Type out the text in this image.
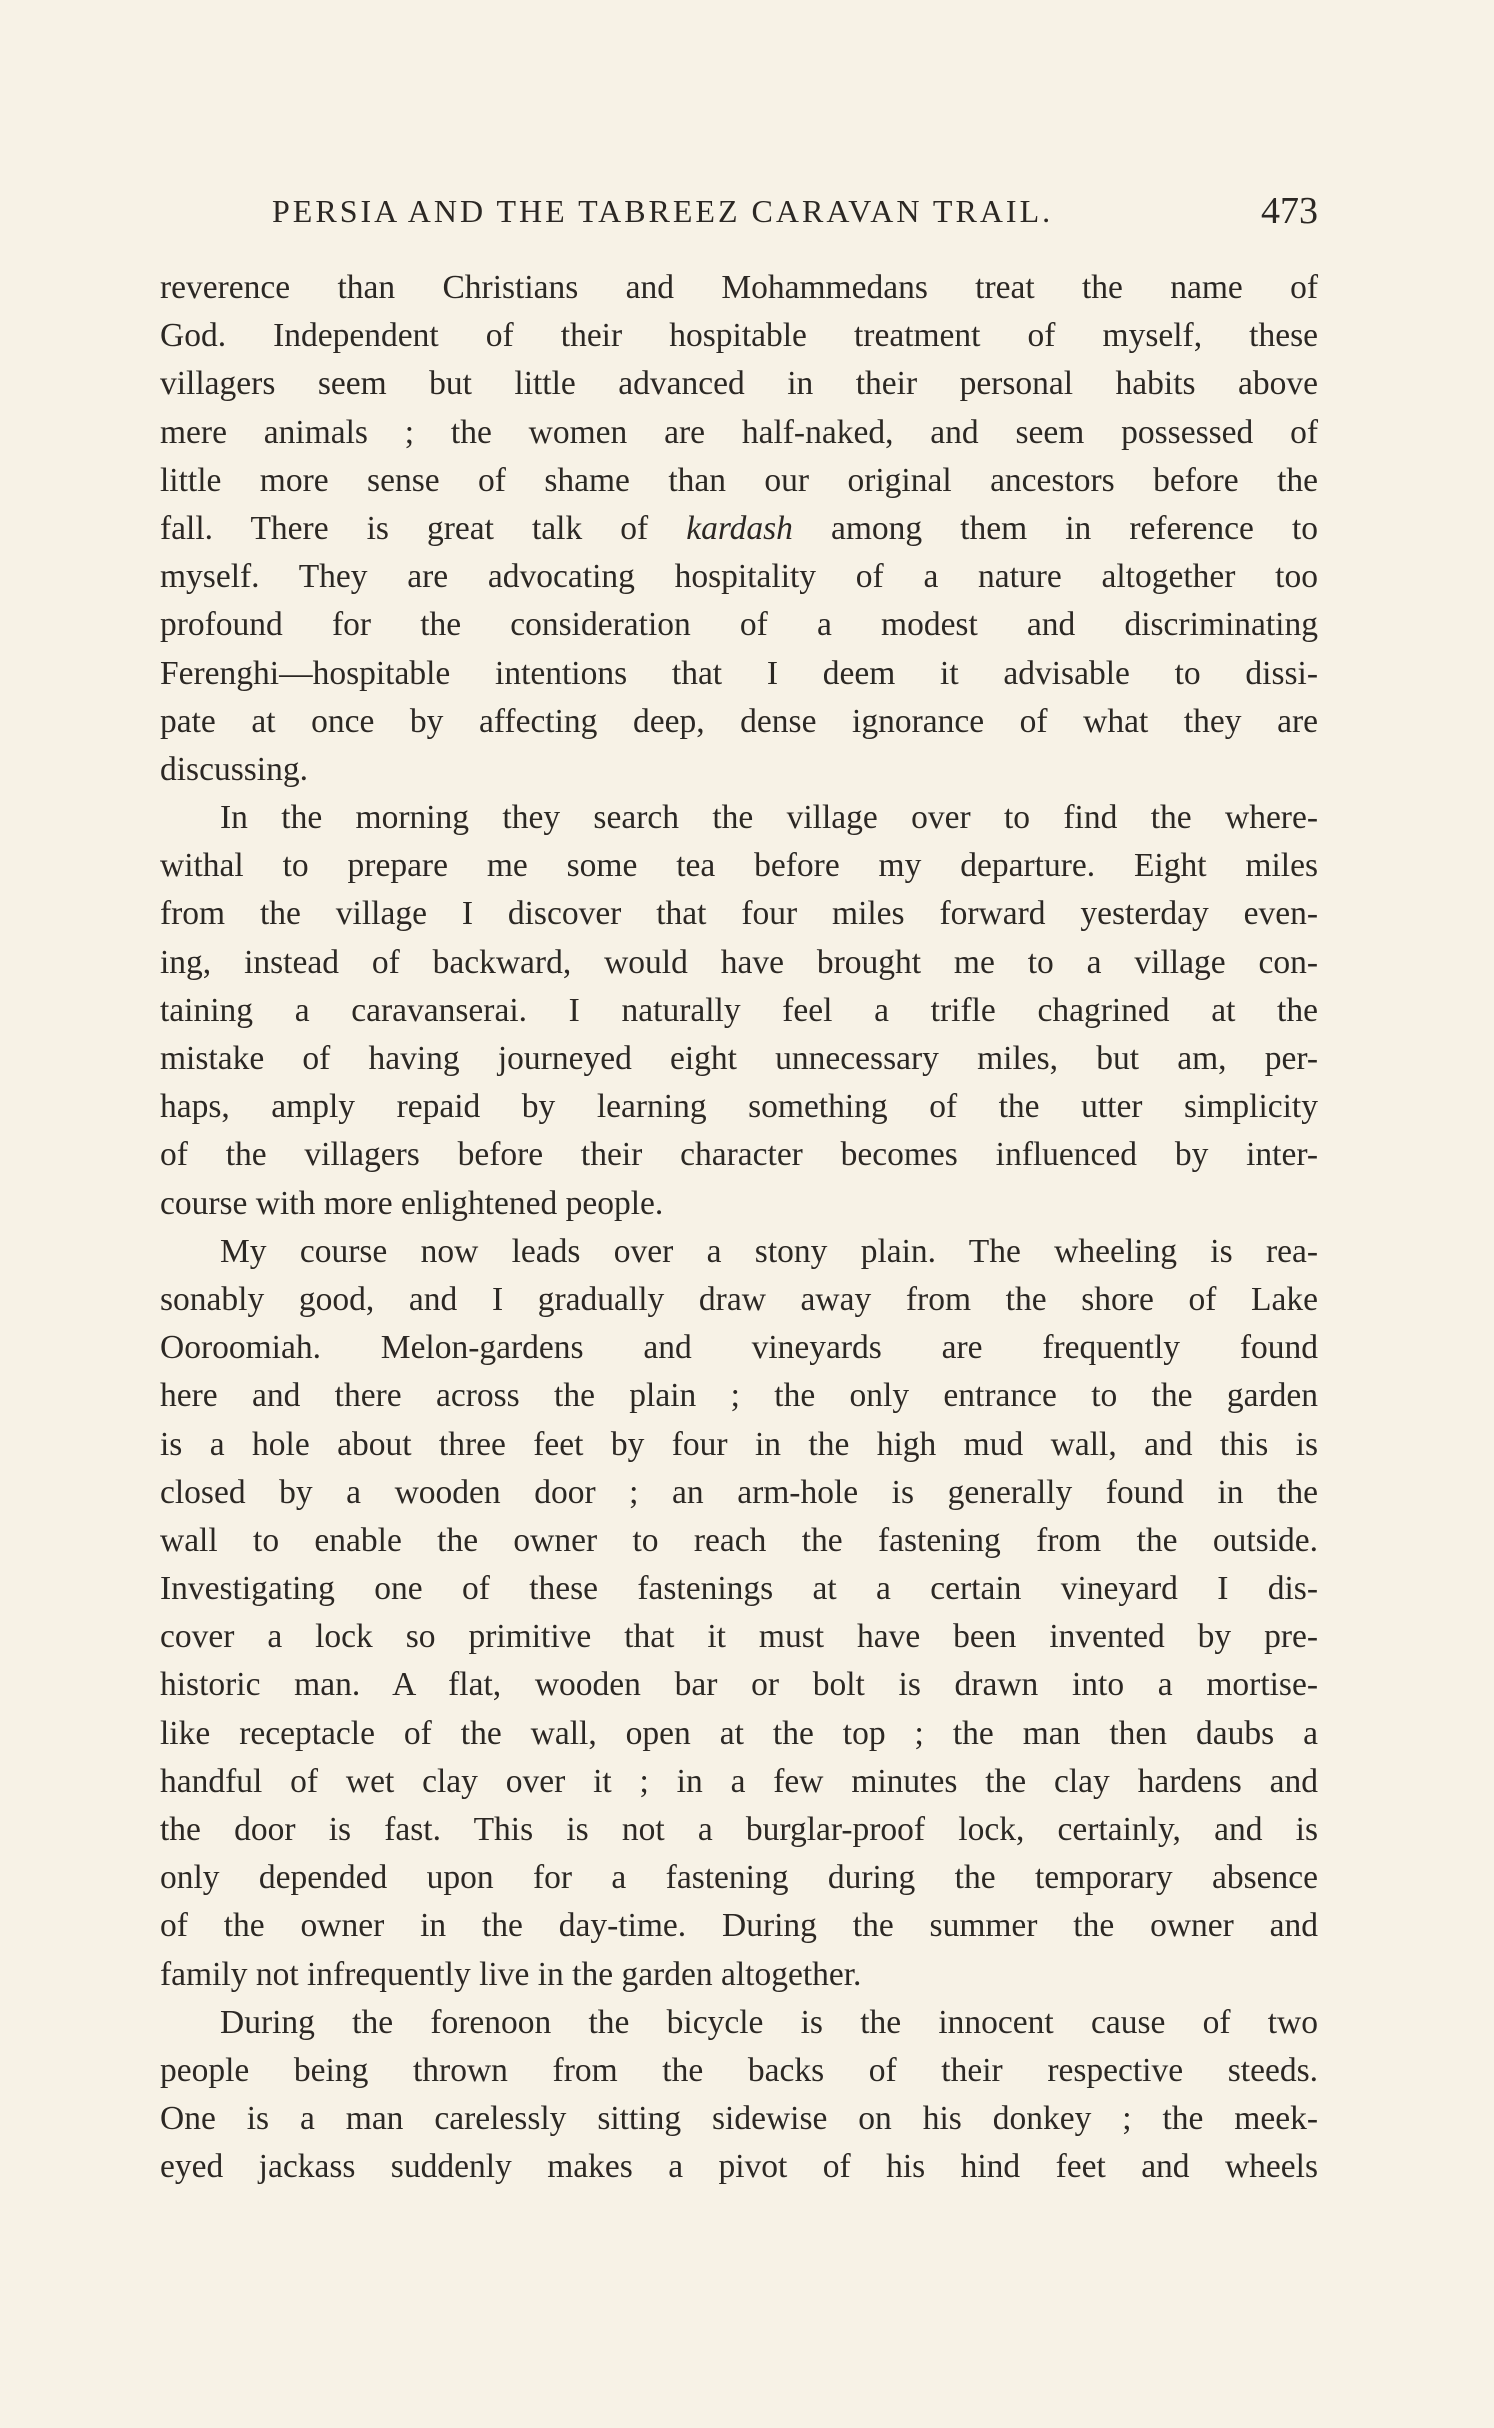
PERSIA AND THE TABREEZ CARAVAN TRAIL.	473
reverence than Christians and Mohammedans treat the name of
God. Independent of their hospitable treatment of myself, these
villagers seem but little advanced in their personal habits above
mere animals ; the women are half-naked, and seem possessed of
little more sense of shame than our original ancestors before the
fall. There is great talk of kardash among them in reference to
myself. They are advocating hospitality of a nature altogether too
profound for the consideration of a modest and discriminating
Ferenghi—hospitable intentions that I deem it advisable to dissi-
pate at once by affecting deep, dense ignorance of what they are
discussing.
In the morning they search the village over to find the where-
withal to prepare me some tea before my departure. Eight miles
from the village I discover that four miles forward yesterday even-
ing, instead of backward, would have brought me to a village con-
taining a caravanserai. I naturally feel a trifle chagrined at the
mistake of having journeyed eight unnecessary miles, but am, per-
haps, amply repaid by learning something of the utter simplicity
of the villagers before their character becomes influenced by inter-
course with more enlightened people.
My course now leads over a stony plain. The wheeling is rea-
sonably good, and I gradually draw away from the shore of Lake
Ooroomiah. Melon-gardens and vineyards are frequently found
here and there across the plain ; the only entrance to the garden
is a hole about three feet by four in the high mud wall, and this is
closed by a wooden door ; an arm-hole is generally found in the
wall to enable the owner to reach the fastening from the outside.
Investigating one of these fastenings at a certain vineyard I dis-
cover a lock so primitive that it must have been invented by pre-
historic man. A flat, wooden bar or bolt is drawn into a mortise-
like receptacle of the wall, open at the top ; the man then daubs a
handful of wet clay over it ; in a few minutes the clay hardens and
the door is fast. This is not a burglar-proof lock, certainly, and is
only depended upon for a fastening during the temporary absence
of the owner in the day-time. During the summer the owner and
family not infrequently live in the garden altogether.
During the forenoon the bicycle is the innocent cause of two
people being thrown from the backs of their respective steeds.
One is a man carelessly sitting sidewise on his donkey ; the meek-
eyed jackass suddenly makes a pivot of his hind feet and wheels
